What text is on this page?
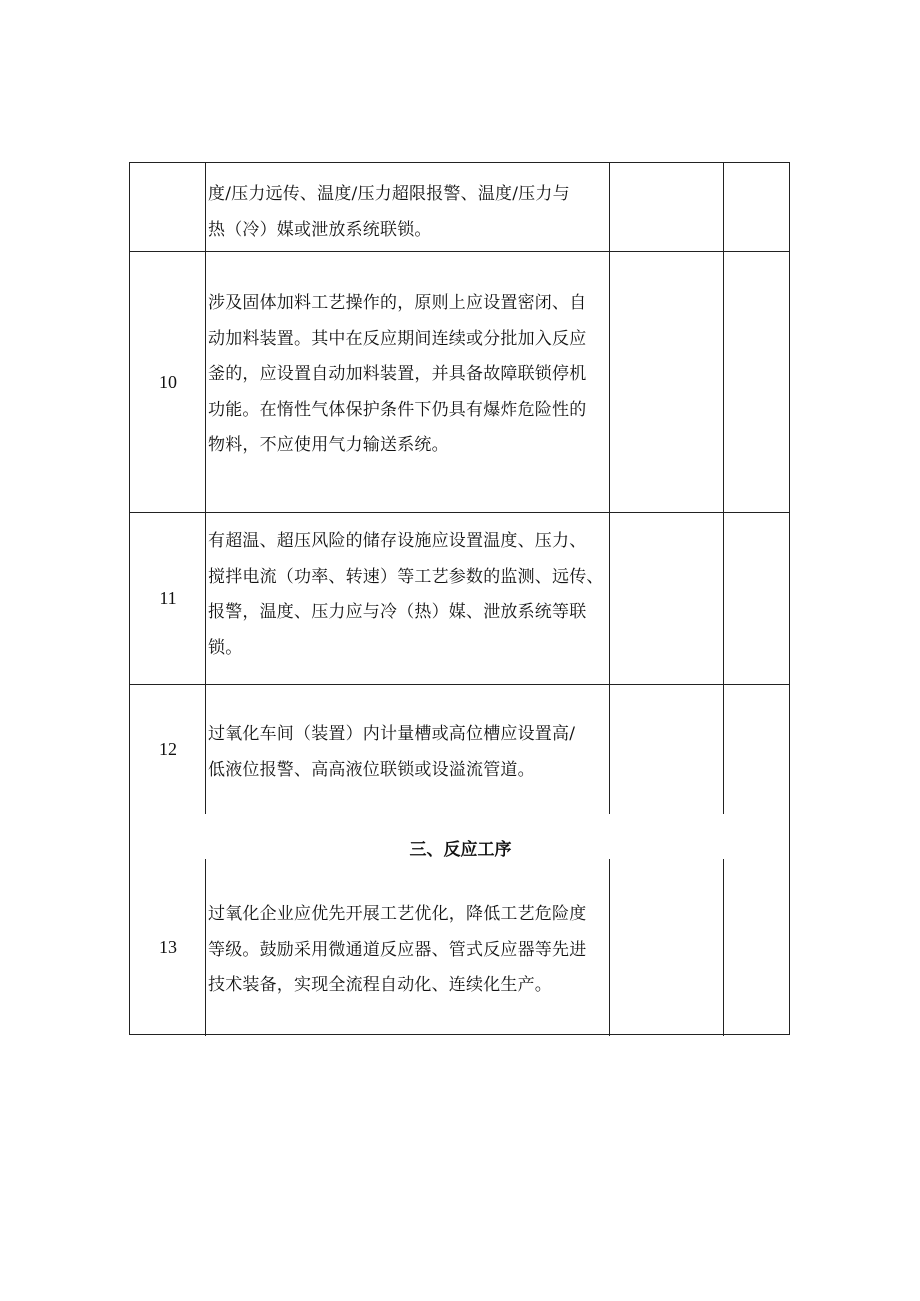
度/压力远传、温度/压力超限报警、温度/压力与
热（冷）媒或泄放系统联锁。
10
涉及固体加料工艺操作的，原则上应设置密闭、自
动加料装置。其中在反应期间连续或分批加入反应
釜的，应设置自动加料装置，并具备故障联锁停机
功能。在惰性气体保护条件下仍具有爆炸危险性的
物料，不应使用气力输送系统。
11
有超温、超压风险的储存设施应设置温度、压力、
搅拌电流（功率、转速）等工艺参数的监测、远传、
报警，温度、压力应与冷（热）媒、泄放系统等联
锁。
12
过氧化车间（装置）内计量槽或高位槽应设置高/
低液位报警、高高液位联锁或设溢流管道。
三、反应工序
13
过氧化企业应优先开展工艺优化，降低工艺危险度
等级。鼓励采用微通道反应器、管式反应器等先进
技术装备，实现全流程自动化、连续化生产。
